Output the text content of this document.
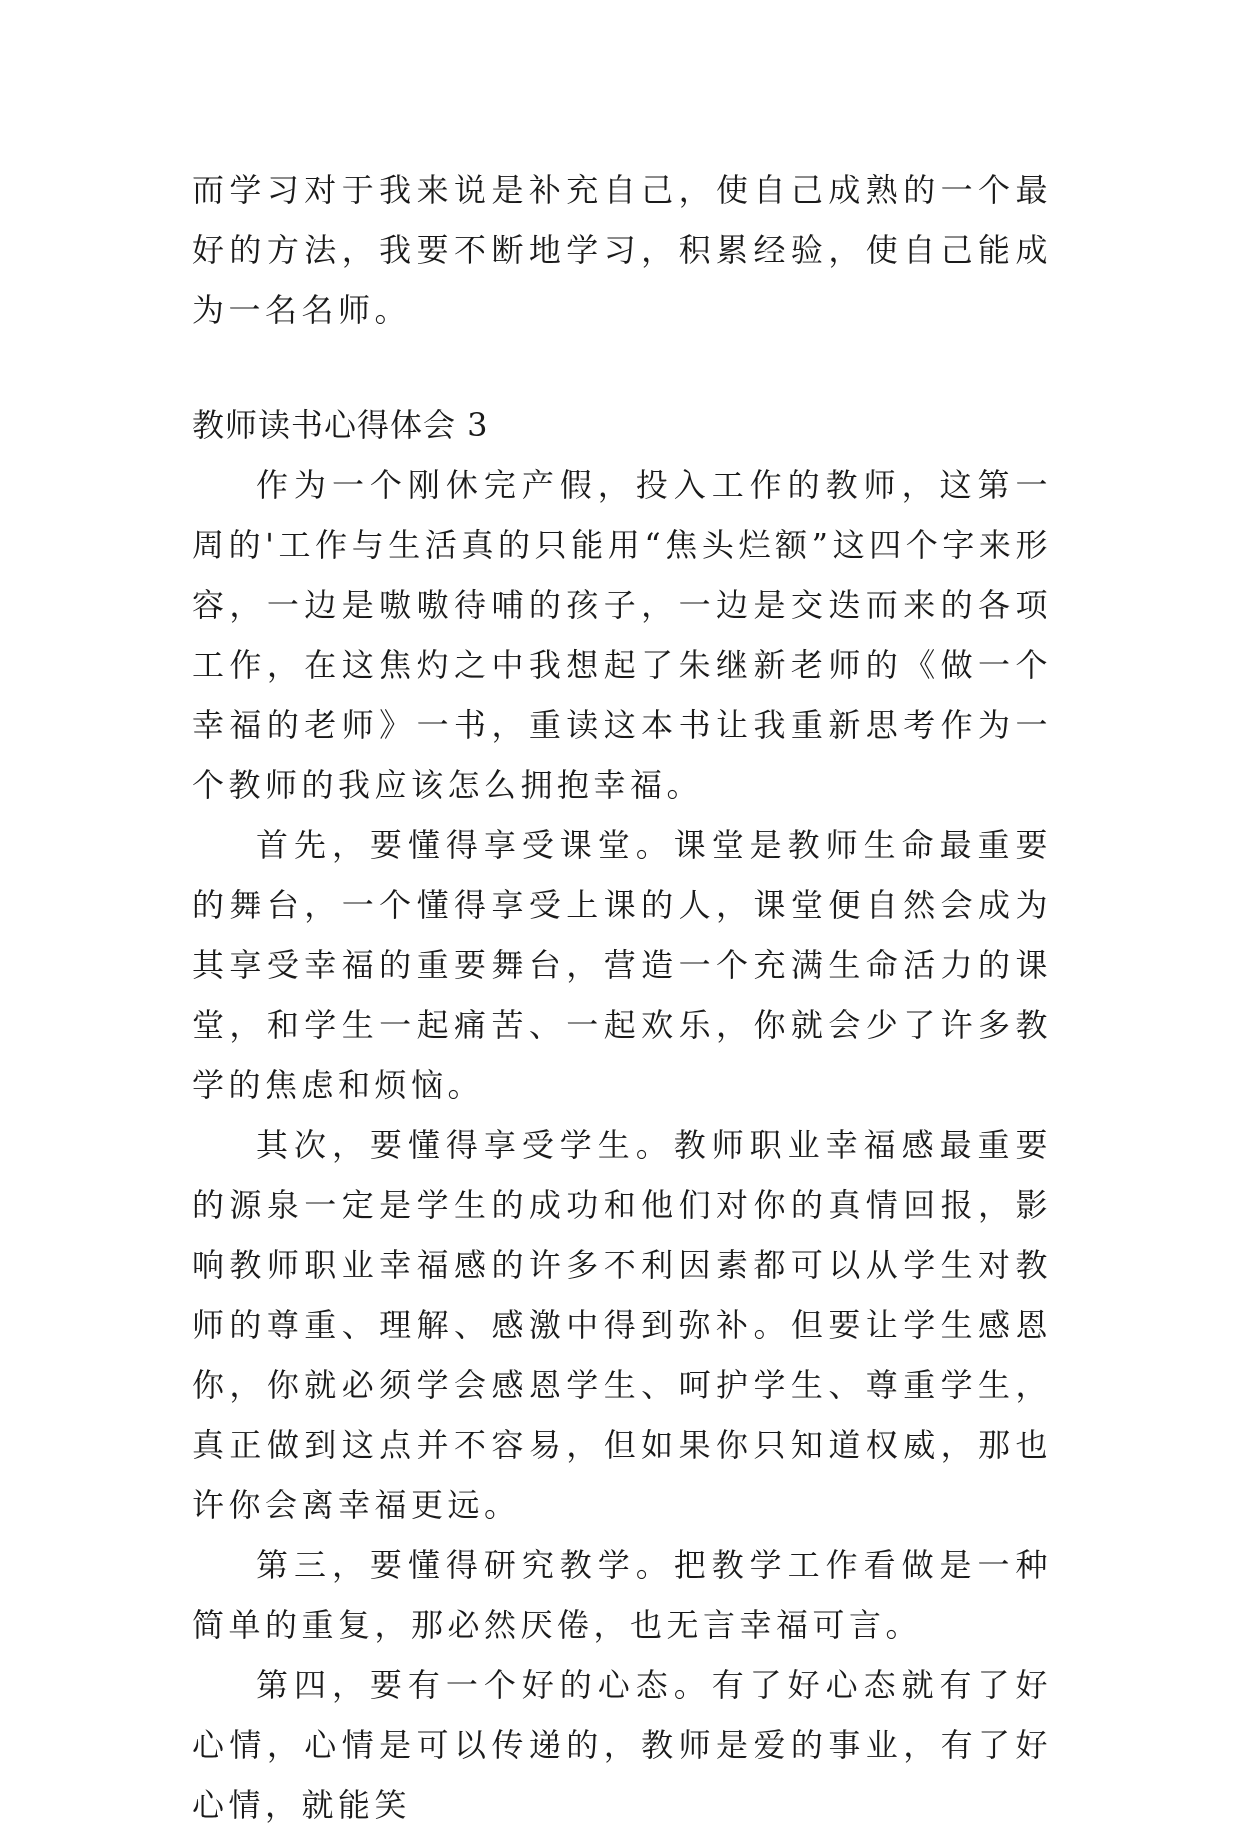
而学习对于我来说是补充自己，使自己成熟的一个最好的方法，我要不断地学习，积累经验，使自己能成为一名名师。

教师读书心得体会 3

作为一个刚休完产假，投入工作的教师，这第一周的'工作与生活真的只能用“焦头烂额”这四个字来形容，一边是嗷嗷待哺的孩子，一边是交迭而来的各项工作，在这焦灼之中我想起了朱继新老师的《做一个幸福的老师》一书，重读这本书让我重新思考作为一个教师的我应该怎么拥抱幸福。

首先，要懂得享受课堂。课堂是教师生命最重要的舞台，一个懂得享受上课的人，课堂便自然会成为其享受幸福的重要舞台，营造一个充满生命活力的课堂，和学生一起痛苦、一起欢乐，你就会少了许多教学的焦虑和烦恼。

其次，要懂得享受学生。教师职业幸福感最重要的源泉一定是学生的成功和他们对你的真情回报，影响教师职业幸福感的许多不利因素都可以从学生对教师的尊重、理解、感激中得到弥补。但要让学生感恩你，你就必须学会感恩学生、呵护学生、尊重学生，真正做到这点并不容易，但如果你只知道权威，那也许你会离幸福更远。

第三，要懂得研究教学。把教学工作看做是一种简单的重复，那必然厌倦，也无言幸福可言。

第四，要有一个好的心态。有了好心态就有了好心情，心情是可以传递的，教师是爱的事业，有了好心情，就能笑
